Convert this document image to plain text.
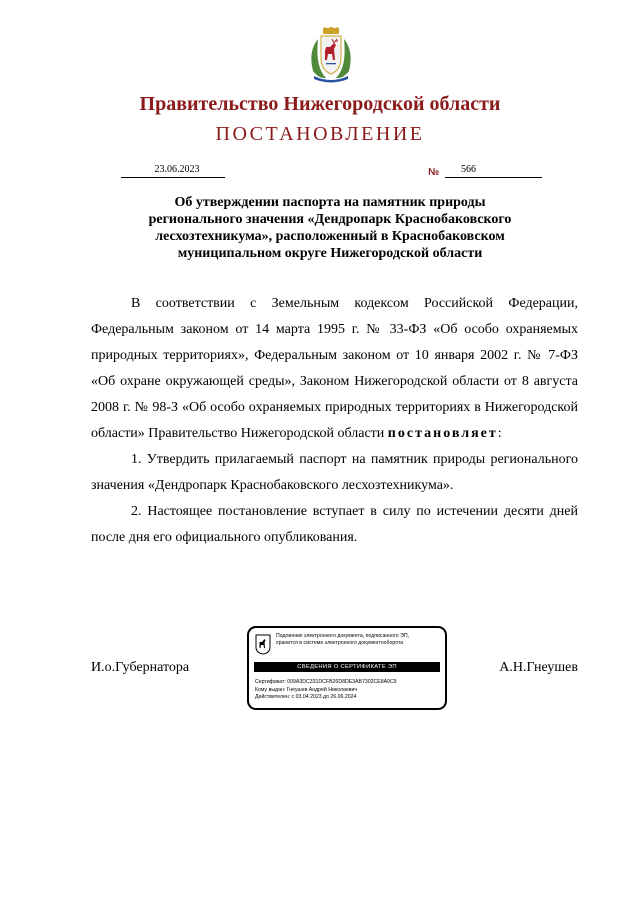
Правительство Нижегородской области
ПОСТАНОВЛЕНИЕ
23.06.2023	№	566
Об утверждении паспорта на памятник природы
регионального значения «Дендропарк Краснобаковского
лесхозтехникума», расположенный в Краснобаковском
муниципальном округе Нижегородской области

В соответствии с Земельным кодексом Российской Федерации, Федеральным законом от 14 марта 1995 г. № 33-ФЗ «Об особо охраняемых природных территориях», Федеральным законом от 10 января 2002 г. № 7-ФЗ «Об охране окружающей среды», Законом Нижегородской области от 8 августа 2008 г. № 98-З «Об особо охраняемых природных территориях в Нижегородской области» Правительство Нижегородской области постановляет:

1. Утвердить прилагаемый паспорт на памятник природы регионального значения «Дендропарк Краснобаковского лесхозтехникума».

2. Настоящее постановление вступает в силу по истечении десяти дней после дня его официального опубликования.

И.о.Губернатора	А.Н.Гнеушев
Подлинник электронного документа, подписанного ЭП,
хранится в системе электронного документооборота
СВЕДЕНИЯ О СЕРТИФИКАТЕ ЭП
Сертификат: 009A3DC331DCFB26D8DE3AB7302CE8A0C9
Кому выдан: Гнеушев Андрей Николаевич
Действителен: с 03.04.2023 до 26.06.2024
